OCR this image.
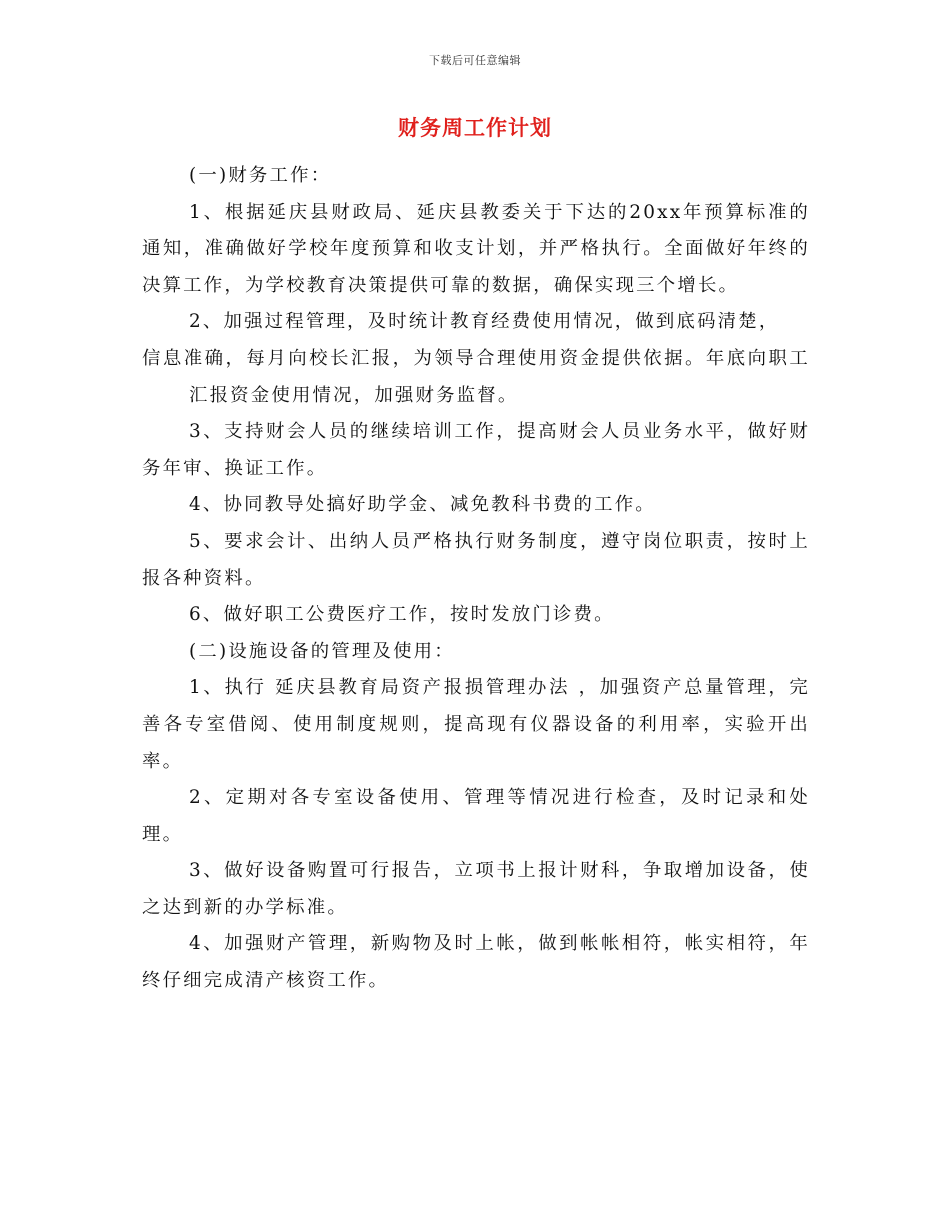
下载后可任意编辑
财务周工作计划

(一)财务工作：

1、根据延庆县财政局、延庆县教委关于下达的20xx年预算标准的通知，准确做好学校年度预算和收支计划，并严格执行。全面做好年终的决算工作，为学校教育决策提供可靠的数据，确保实现三个增长。

2、加强过程管理，及时统计教育经费使用情况，做到底码清楚，

信息准确，每月向校长汇报，为领导合理使用资金提供依据。年底向职工汇报资金使用情况，加强财务监督。

3、支持财会人员的继续培训工作，提高财会人员业务水平，做好财务年审、换证工作。

4、协同教导处搞好助学金、减免教科书费的工作。

5、要求会计、出纳人员严格执行财务制度，遵守岗位职责，按时上报各种资料。

6、做好职工公费医疗工作，按时发放门诊费。

(二)设施设备的管理及使用：

1、执行 延庆县教育局资产报损管理办法 ，加强资产总量管理，完善各专室借阅、使用制度规则，提高现有仪器设备的利用率，实验开出率。

2、定期对各专室设备使用、管理等情况进行检查，及时记录和处理。

3、做好设备购置可行报告，立项书上报计财科，争取增加设备，使之达到新的办学标准。

4、加强财产管理，新购物及时上帐，做到帐帐相符，帐实相符，年终仔细完成清产核资工作。
